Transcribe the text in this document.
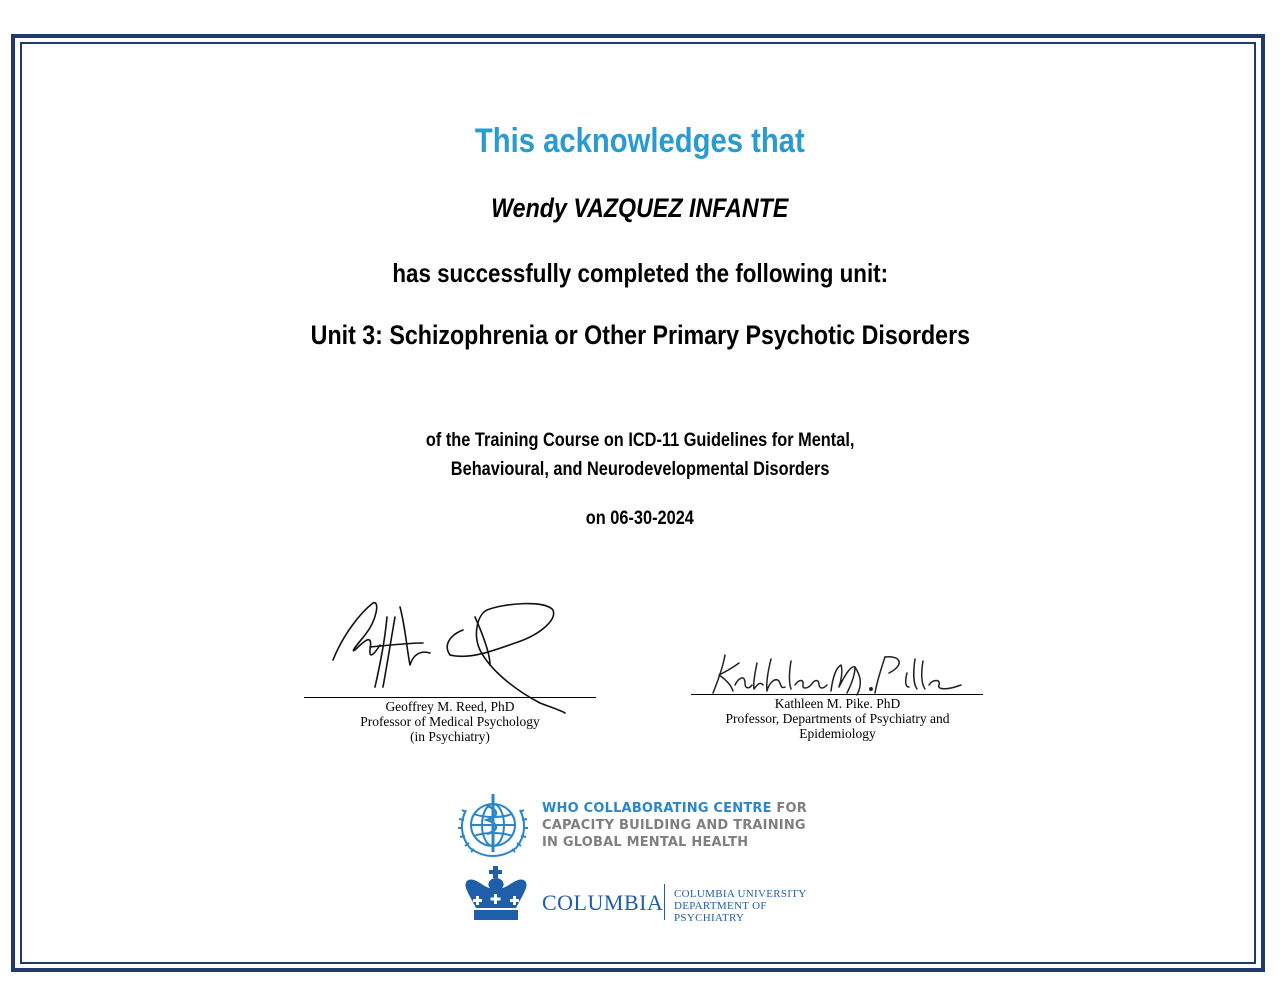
This acknowledges that
Wendy VAZQUEZ INFANTE
has successfully completed the following unit:
Unit 3: Schizophrenia or Other Primary Psychotic Disorders
of the Training Course on ICD-11 Guidelines for Mental,
Behavioural, and Neurodevelopmental Disorders
on 06-30-2024
Geoffrey M. Reed, PhD
Professor of Medical Psychology
(in Psychiatry)
Kathleen M. Pike. PhD
Professor, Departments of Psychiatry and
Epidemiology
WHO COLLABORATING CENTRE FOR
CAPACITY BUILDING AND TRAINING
IN GLOBAL MENTAL HEALTH
COLUMBIA COLUMBIA UNIVERSITY
DEPARTMENT OF PSYCHIATRY
